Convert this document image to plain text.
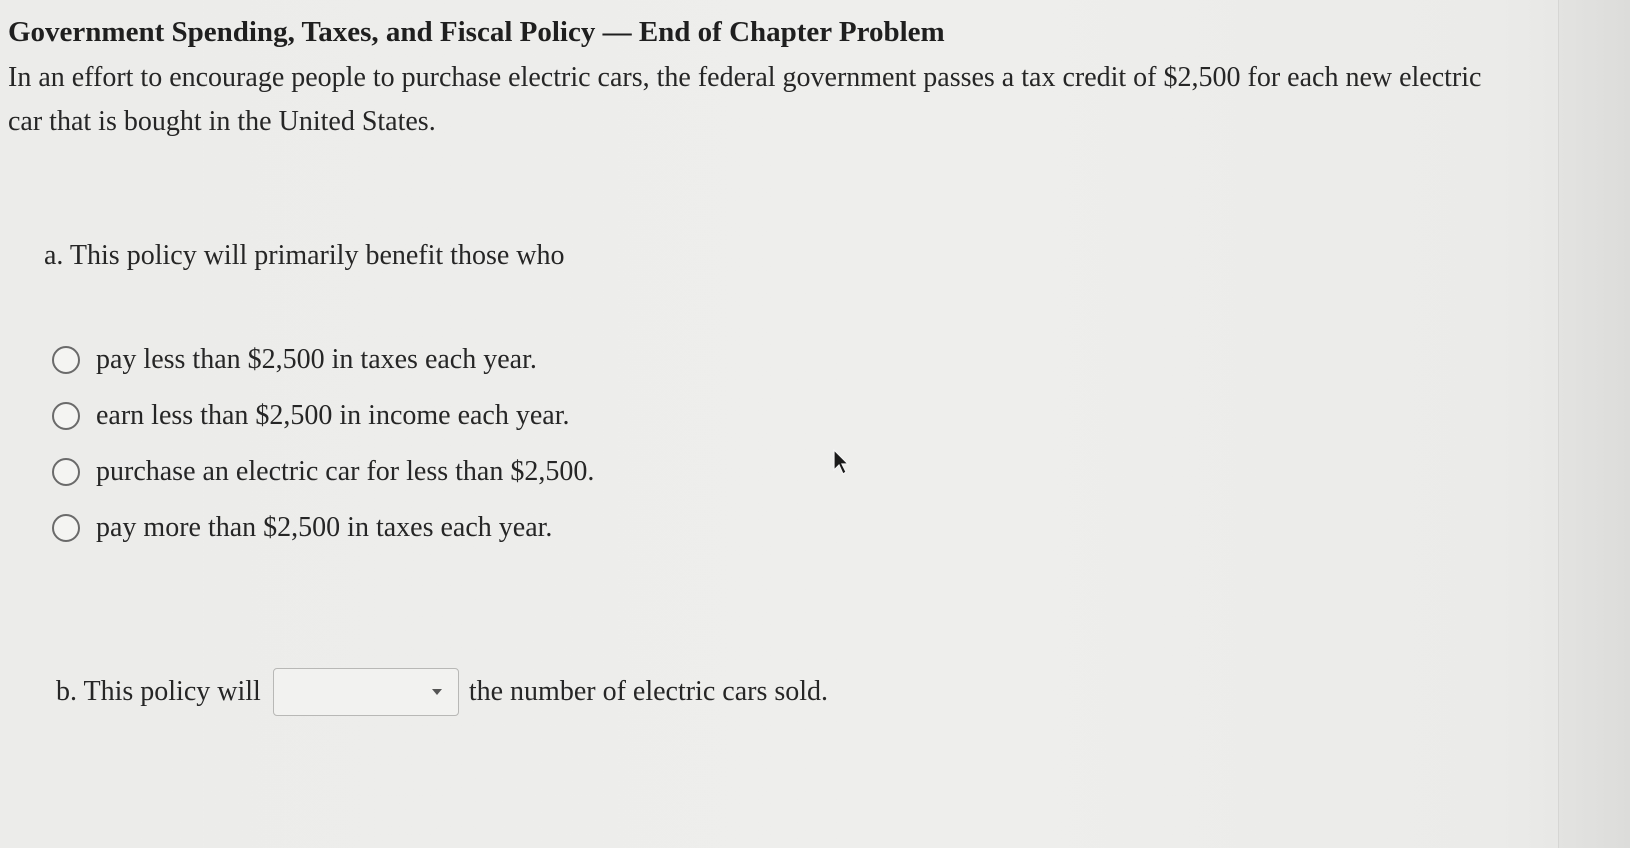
Government Spending, Taxes, and Fiscal Policy — End of Chapter Problem
In an effort to encourage people to purchase electric cars, the federal government passes a tax credit of $2,500 for each new electric car that is bought in the United States.
a. This policy will primarily benefit those who
pay less than $2,500 in taxes each year.
earn less than $2,500 in income each year.
purchase an electric car for less than $2,500.
pay more than $2,500 in taxes each year.
b. This policy will	the number of electric cars sold.
